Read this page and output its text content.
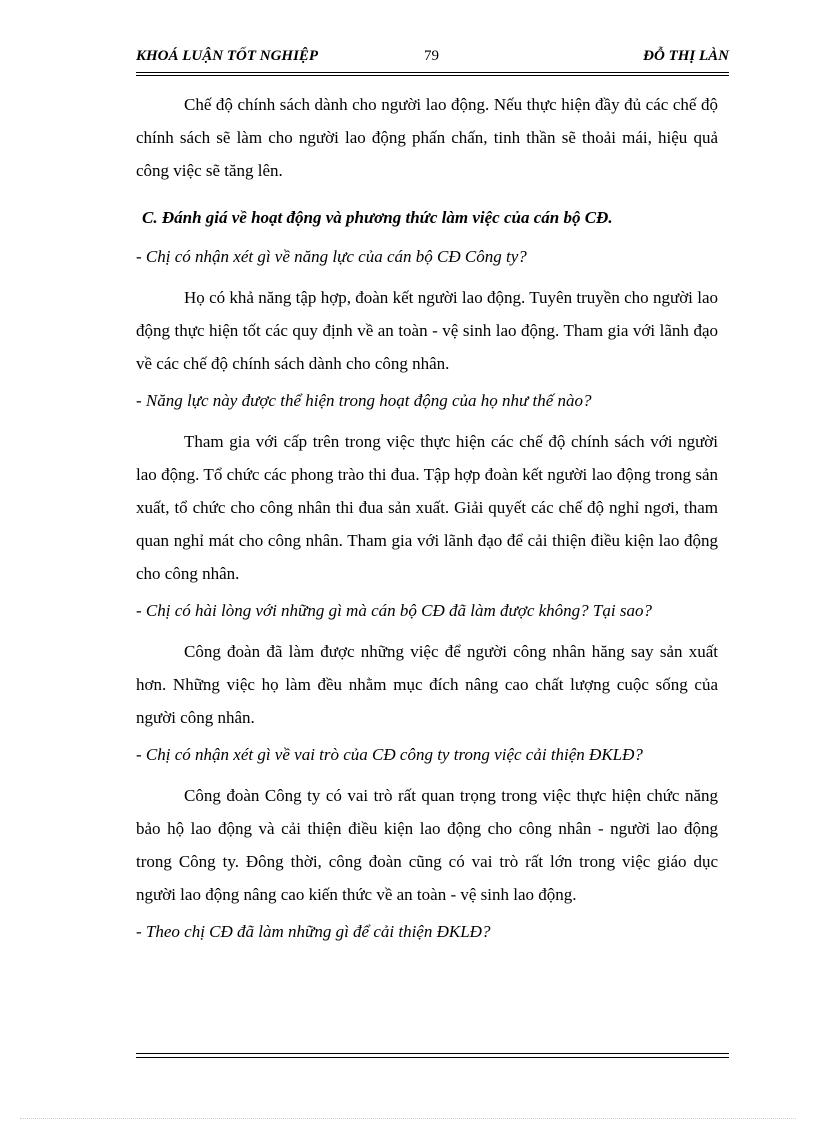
KHOÁ LUẬN TỐT NGHIỆP	79	ĐỖ THỊ LÀN

Chế độ chính sách dành cho người lao động. Nếu thực hiện đầy đủ các chế độ chính sách sẽ làm cho người lao động phấn chấn, tinh thần sẽ thoải mái, hiệu quả công việc sẽ tăng lên.

C. Đánh giá về hoạt động và phương thức làm việc của cán bộ CĐ.

- Chị có nhận xét gì về năng lực của cán bộ CĐ Công ty?

Họ có khả năng tập hợp, đoàn kết người lao động. Tuyên truyền cho người lao động thực hiện tốt các quy định về an toàn - vệ sinh lao động. Tham gia với lãnh đạo về các chế độ chính sách dành cho công nhân.

- Năng lực này được thể hiện trong hoạt động của họ như thế nào?

Tham gia với cấp trên trong việc thực hiện các chế độ chính sách với người lao động. Tổ chức các phong trào thi đua. Tập hợp đoàn kết người lao động trong sản xuất, tổ chức cho công nhân thi đua sản xuất. Giải quyết các chế độ nghỉ ngơi, tham quan nghỉ mát cho công nhân. Tham gia với lãnh đạo để cải thiện điều kiện lao động cho công nhân.

- Chị có hài lòng với những gì mà cán bộ CĐ đã làm được không? Tại sao?

Công đoàn đã làm được những việc để người công nhân hăng say sản xuất hơn. Những việc họ làm đều nhằm mục đích nâng cao chất lượng cuộc sống của người công nhân.

- Chị có nhận xét gì về vai trò của CĐ công ty trong việc cải thiện ĐKLĐ?

Công đoàn Công ty có vai trò rất quan trọng trong việc thực hiện chức năng bảo hộ lao động và cải thiện điều kiện lao động cho công nhân - người lao động trong Công ty. Đông thời, công đoàn cũng có vai trò rất lớn trong việc giáo dục người lao động nâng cao kiến thức về an toàn - vệ sinh lao động.

- Theo chị CĐ đã làm những gì để cải thiện ĐKLĐ?
